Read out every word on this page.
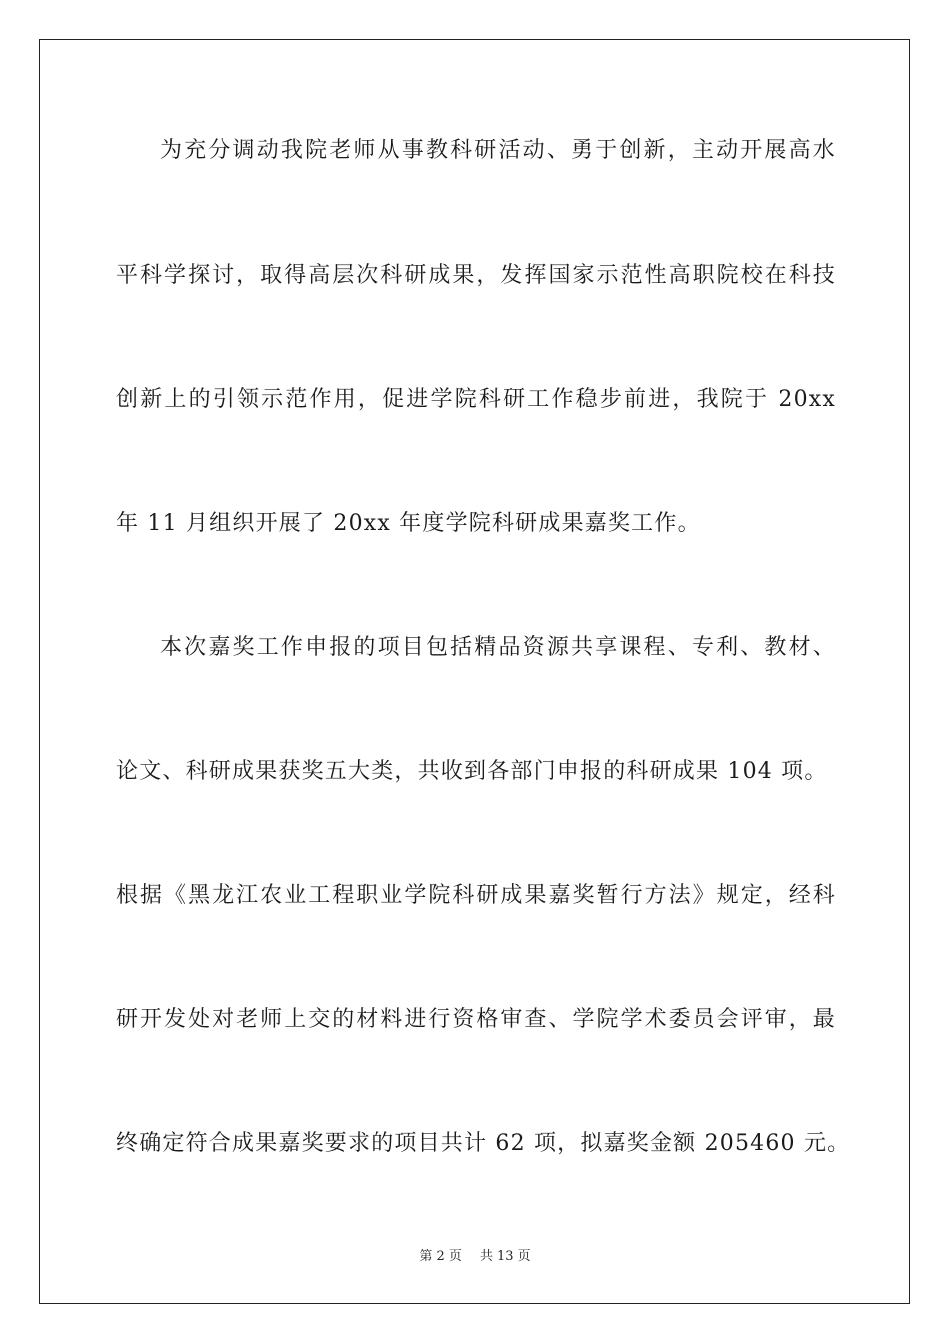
为充分调动我院老师从事教科研活动、勇于创新，主动开展高水
平科学探讨，取得高层次科研成果，发挥国家示范性高职院校在科技
创新上的引领示范作用，促进学院科研工作稳步前进，我院于 20xx
年 11 月组织开展了 20xx 年度学院科研成果嘉奖工作。
本次嘉奖工作申报的项目包括精品资源共享课程、专利、教材、
论文、科研成果获奖五大类，共收到各部门申报的科研成果 104 项。
根据《黑龙江农业工程职业学院科研成果嘉奖暂行方法》规定，经科
研开发处对老师上交的材料进行资格审查、学院学术委员会评审，最
终确定符合成果嘉奖要求的项目共计 62 项，拟嘉奖金额 205460 元。
第 2 页 共 13 页
